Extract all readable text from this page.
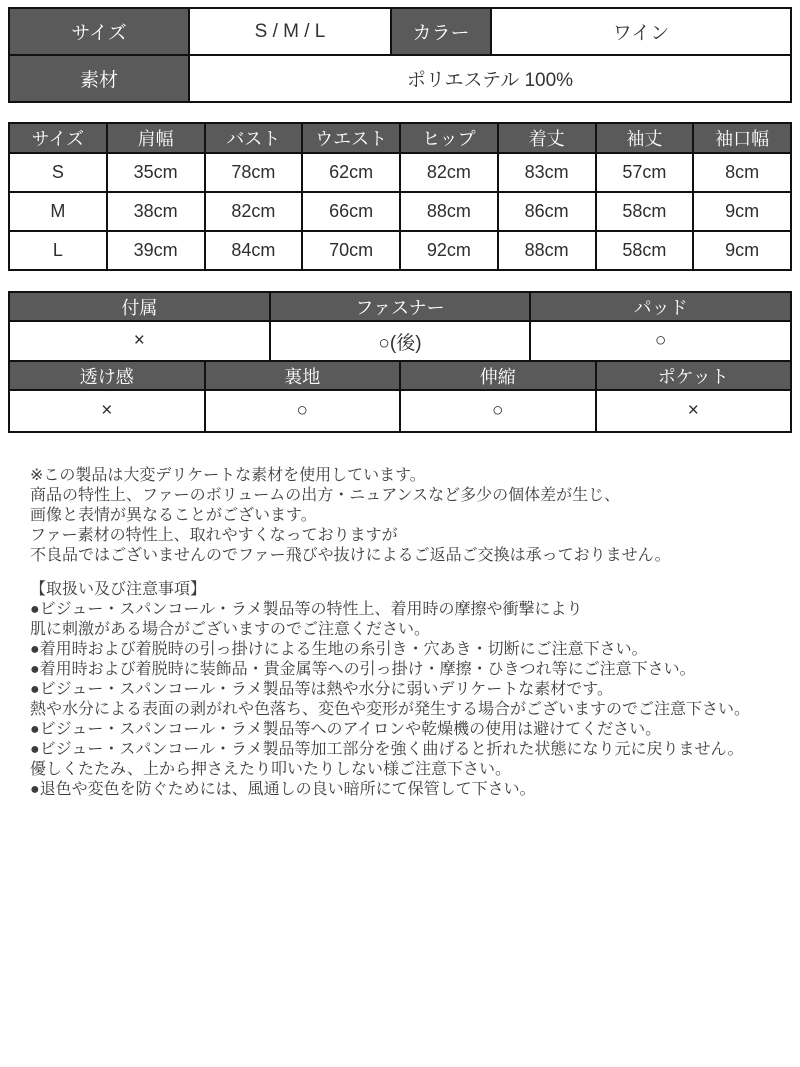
サイズ	S / M / L	カラー	ワイン
素材	ポリエステル 100%		
サイズ	肩幅	バスト	ウエスト	ヒップ	着丈	袖丈	袖口幅
S	35cm	78cm	62cm	82cm	83cm	57cm	8cm
M	38cm	82cm	66cm	88cm	86cm	58cm	9cm
L	39cm	84cm	70cm	92cm	88cm	58cm	9cm
付属	ファスナー	パッド
×	○(後)	○
透け感	裏地	伸縮	ポケット
×	○	○	×
※この製品は大変デリケートな素材を使用しています。
商品の特性上、ファーのボリュームの出方・ニュアンスなど多少の個体差が生じ、
画像と表情が異なることがございます。
ファー素材の特性上、取れやすくなっておりますが
不良品ではございませんのでファー飛びや抜けによるご返品ご交換は承っておりません。
【取扱い及び注意事項】
●ビジュー・スパンコール・ラメ製品等の特性上、着用時の摩擦や衝撃により
肌に刺激がある場合がございますのでご注意ください。
●着用時および着脱時の引っ掛けによる生地の糸引き・穴あき・切断にご注意下さい。
●着用時および着脱時に装飾品・貴金属等への引っ掛け・摩擦・ひきつれ等にご注意下さい。
●ビジュー・スパンコール・ラメ製品等は熱や水分に弱いデリケートな素材です。
熱や水分による表面の剥がれや色落ち、変色や変形が発生する場合がございますのでご注意下さい。
●ビジュー・スパンコール・ラメ製品等へのアイロンや乾燥機の使用は避けてください。
●ビジュー・スパンコール・ラメ製品等加工部分を強く曲げると折れた状態になり元に戻りません。
優しくたたみ、上から押さえたり叩いたりしない様ご注意下さい。
●退色や変色を防ぐためには、風通しの良い暗所にて保管して下さい。
